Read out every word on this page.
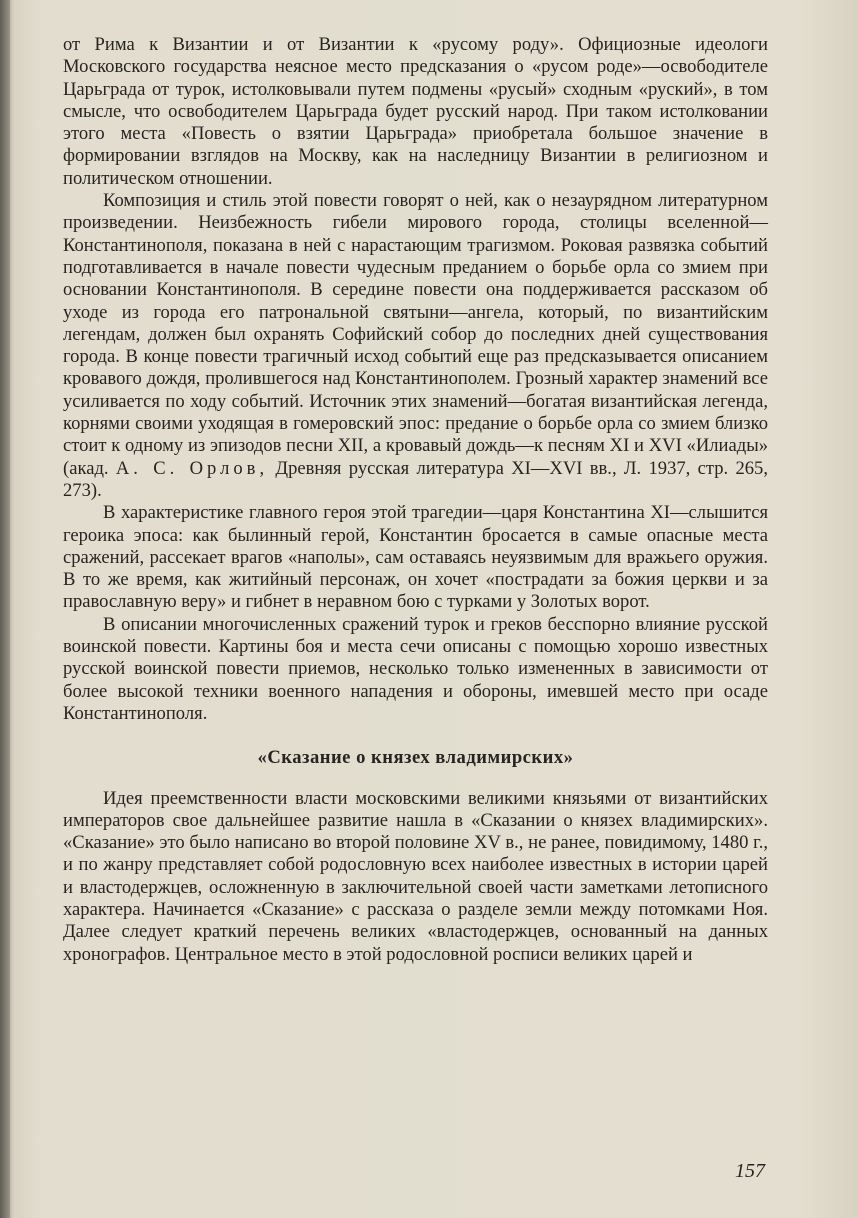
от Рима к Византии и от Византии к «русому роду». Официозные идеологи Московского государства неясное место предсказания о «русом роде»—освободителе Царьграда от турок, истолковывали путем подмены «русый» сходным «руский», в том смысле, что освободителем Царьграда будет русский народ. При таком истолковании этого места «Повесть о взятии Царьграда» приобретала большое значение в формировании взглядов на Москву, как на наследницу Византии в религиозном и политическом отношении.

Композиция и стиль этой повести говорят о ней, как о незаурядном литературном произведении. Неизбежность гибели мирового города, столицы вселенной—Константинополя, показана в ней с нарастающим трагизмом. Роковая развязка событий подготавливается в начале повести чудесным преданием о борьбе орла со змием при основании Константинополя. В середине повести она поддерживается рассказом об уходе из города его патрональной святыни—ангела, который, по византийским легендам, должен был охранять Софийский собор до последних дней существования города. В конце повести трагичный исход событий еще раз предсказывается описанием кровавого дождя, пролившегося над Константинополем. Грозный характер знамений все усиливается по ходу событий. Источник этих знамений—богатая византийская легенда, корнями своими уходящая в гомеровский эпос: предание о борьбе орла со змием близко стоит к одному из эпизодов песни XII, а кровавый дождь—к песням XI и XVI «Илиады» (акад. А. С. Орлов, Древняя русская литература XI—XVI вв., Л. 1937, стр. 265, 273).

В характеристике главного героя этой трагедии—царя Константина XI—слышится героика эпоса: как былинный герой, Константин бросается в самые опасные места сражений, рассекает врагов «наполы», сам оставаясь неуязвимым для вражьего оружия. В то же время, как житийный персонаж, он хочет «пострадати за божия церкви и за православную веру» и гибнет в неравном бою с турками у Золотых ворот.

В описании многочисленных сражений турок и греков бесспорно влияние русской воинской повести. Картины боя и места сечи описаны с помощью хорошо известных русской воинской повести приемов, несколько только измененных в зависимости от более высокой техники военного нападения и обороны, имевшей место при осаде Константинополя.

«Сказание о князех владимирских»

Идея преемственности власти московскими великими князьями от византийских императоров свое дальнейшее развитие нашла в «Сказании о князех владимирских». «Сказание» это было написано во второй половине XV в., не ранее, повидимому, 1480 г., и по жанру представляет собой родословную всех наиболее известных в истории царей и властодержцев, осложненную в заключительной своей части заметками летописного характера. Начинается «Сказание» с рассказа о разделе земли между потомками Ноя. Далее следует краткий перечень великих «властодержцев, основанный на данных хронографов. Центральное место в этой родословной росписи великих царей и

157
